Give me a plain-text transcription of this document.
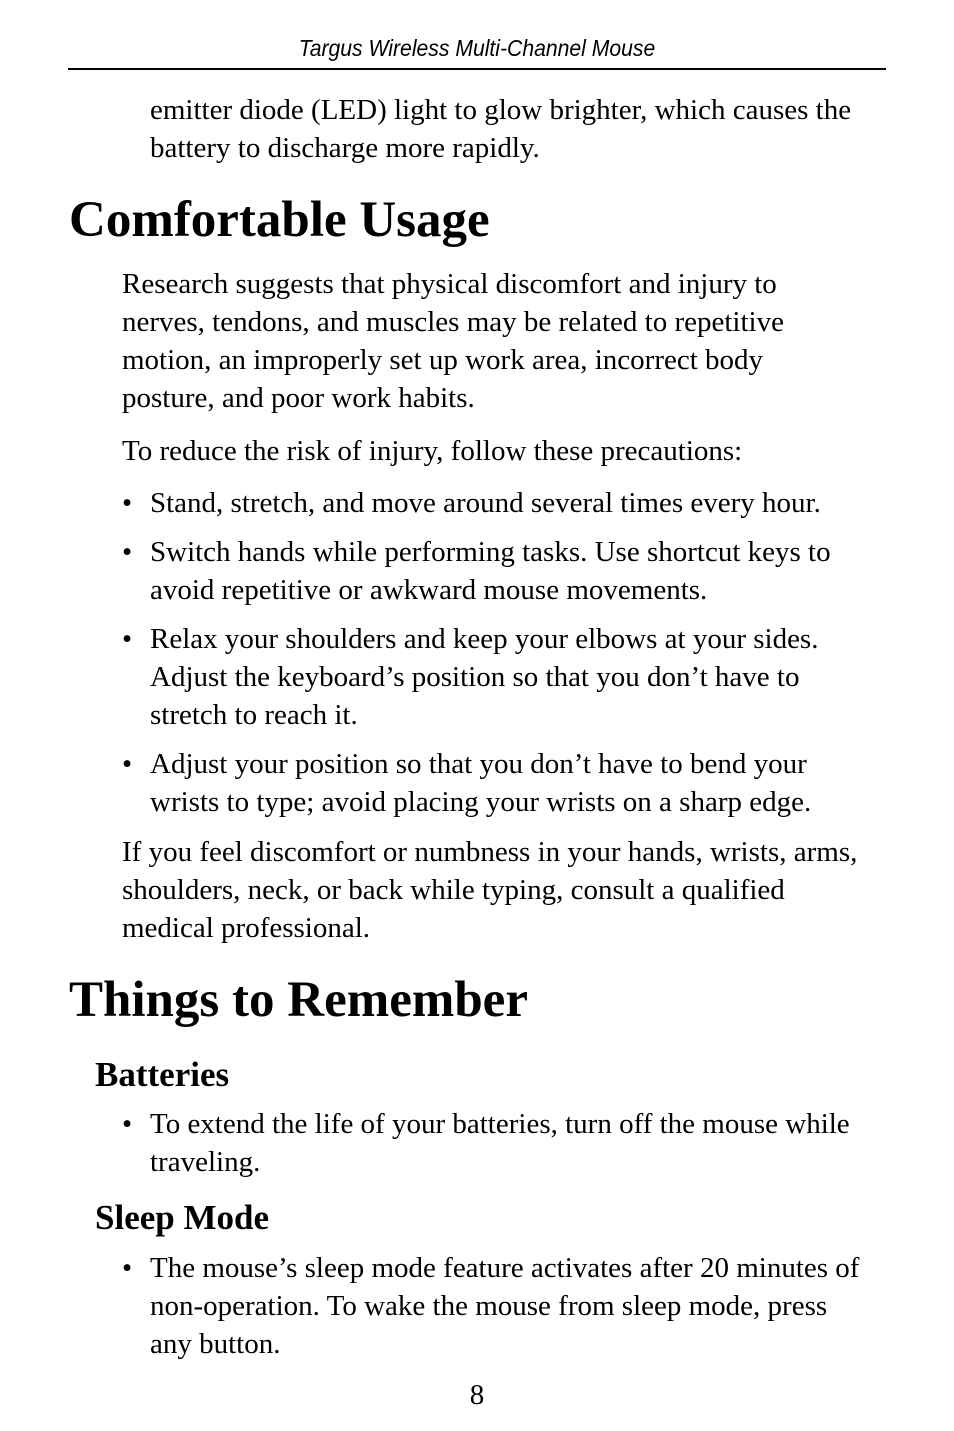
Targus Wireless Multi-Channel Mouse

emitter diode (LED) light to glow brighter, which causes the
battery to discharge more rapidly.

Comfortable Usage

Research suggests that physical discomfort and injury to
nerves, tendons, and muscles may be related to repetitive
motion, an improperly set up work area, incorrect body
posture, and poor work habits.

To reduce the risk of injury, follow these precautions:

• Stand, stretch, and move around several times every hour.
• Switch hands while performing tasks. Use shortcut keys to
avoid repetitive or awkward mouse movements.
• Relax your shoulders and keep your elbows at your sides.
Adjust the keyboard’s position so that you don’t have to
stretch to reach it.
• Adjust your position so that you don’t have to bend your
wrists to type; avoid placing your wrists on a sharp edge.

If you feel discomfort or numbness in your hands, wrists, arms,
shoulders, neck, or back while typing, consult a qualified
medical professional.

Things to Remember
Batteries
• To extend the life of your batteries, turn off the mouse while
traveling.
Sleep Mode
• The mouse’s sleep mode feature activates after 20 minutes of
non-operation. To wake the mouse from sleep mode, press
any button.
8
